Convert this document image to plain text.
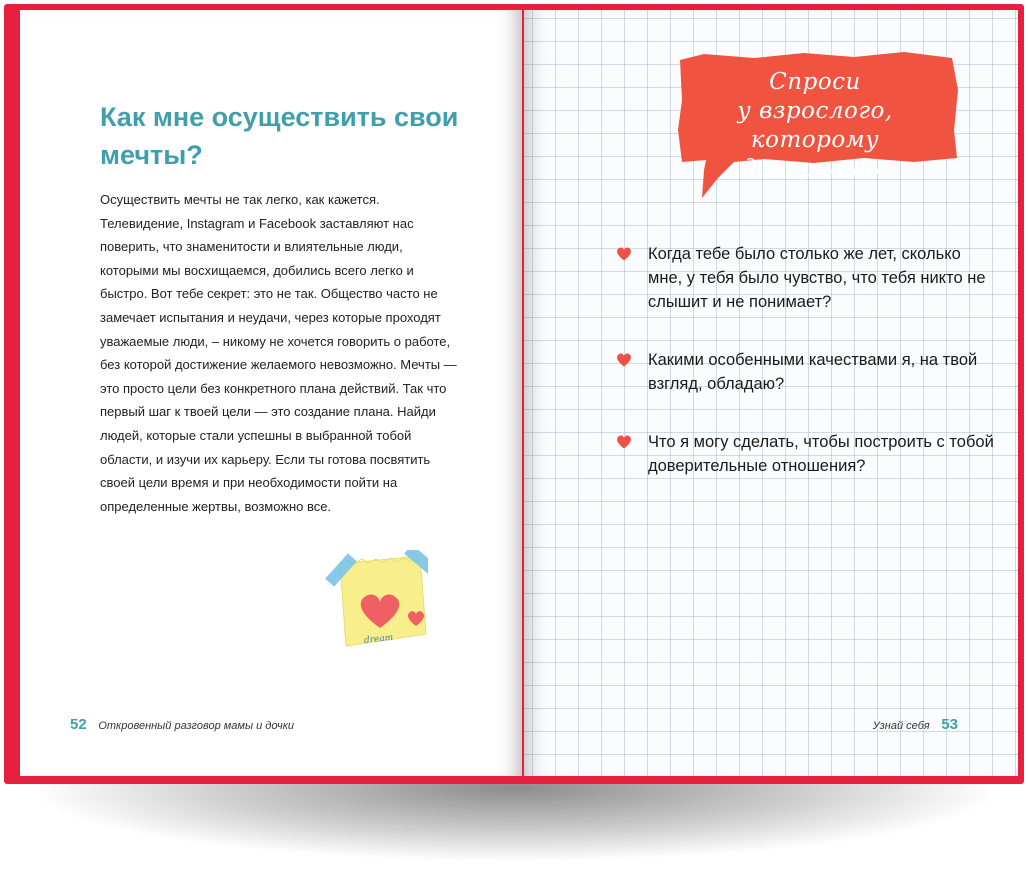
Как мне осуществить свои мечты?

Осуществить мечты не так легко, как кажется. Телевидение, Instagram и Facebook заставляют нас поверить, что знаменитости и влиятельные люди, которыми мы восхищаемся, добились всего легко и быстро. Вот тебе секрет: это не так. Общество часто не замечает испытания и неудачи, через которые проходят уважаемые люди, – никому не хочется говорить о работе, без которой достижение желаемого невозможно. Мечты — это просто цели без конкретного плана действий. Так что первый шаг к твоей цели — это создание плана. Найди людей, которые стали успешны в выбранной тобой области, и изучи их карьеру. Если ты готова посвятить своей цели время и при необходимости пойти на определенные жертвы, возможно все.

dream
52 Откровенный разговор мамы и дочки

Спроси
у взрослого,
которому доверяешь:

Когда тебе было столько же лет, сколько мне, у тебя было чувство, что тебя никто не слышит и не понимает?
Какими особенными качествами я, на твой взгляд, обладаю?
Что я могу сделать, чтобы построить с тобой доверительные отношения?
Узнай себя 53
